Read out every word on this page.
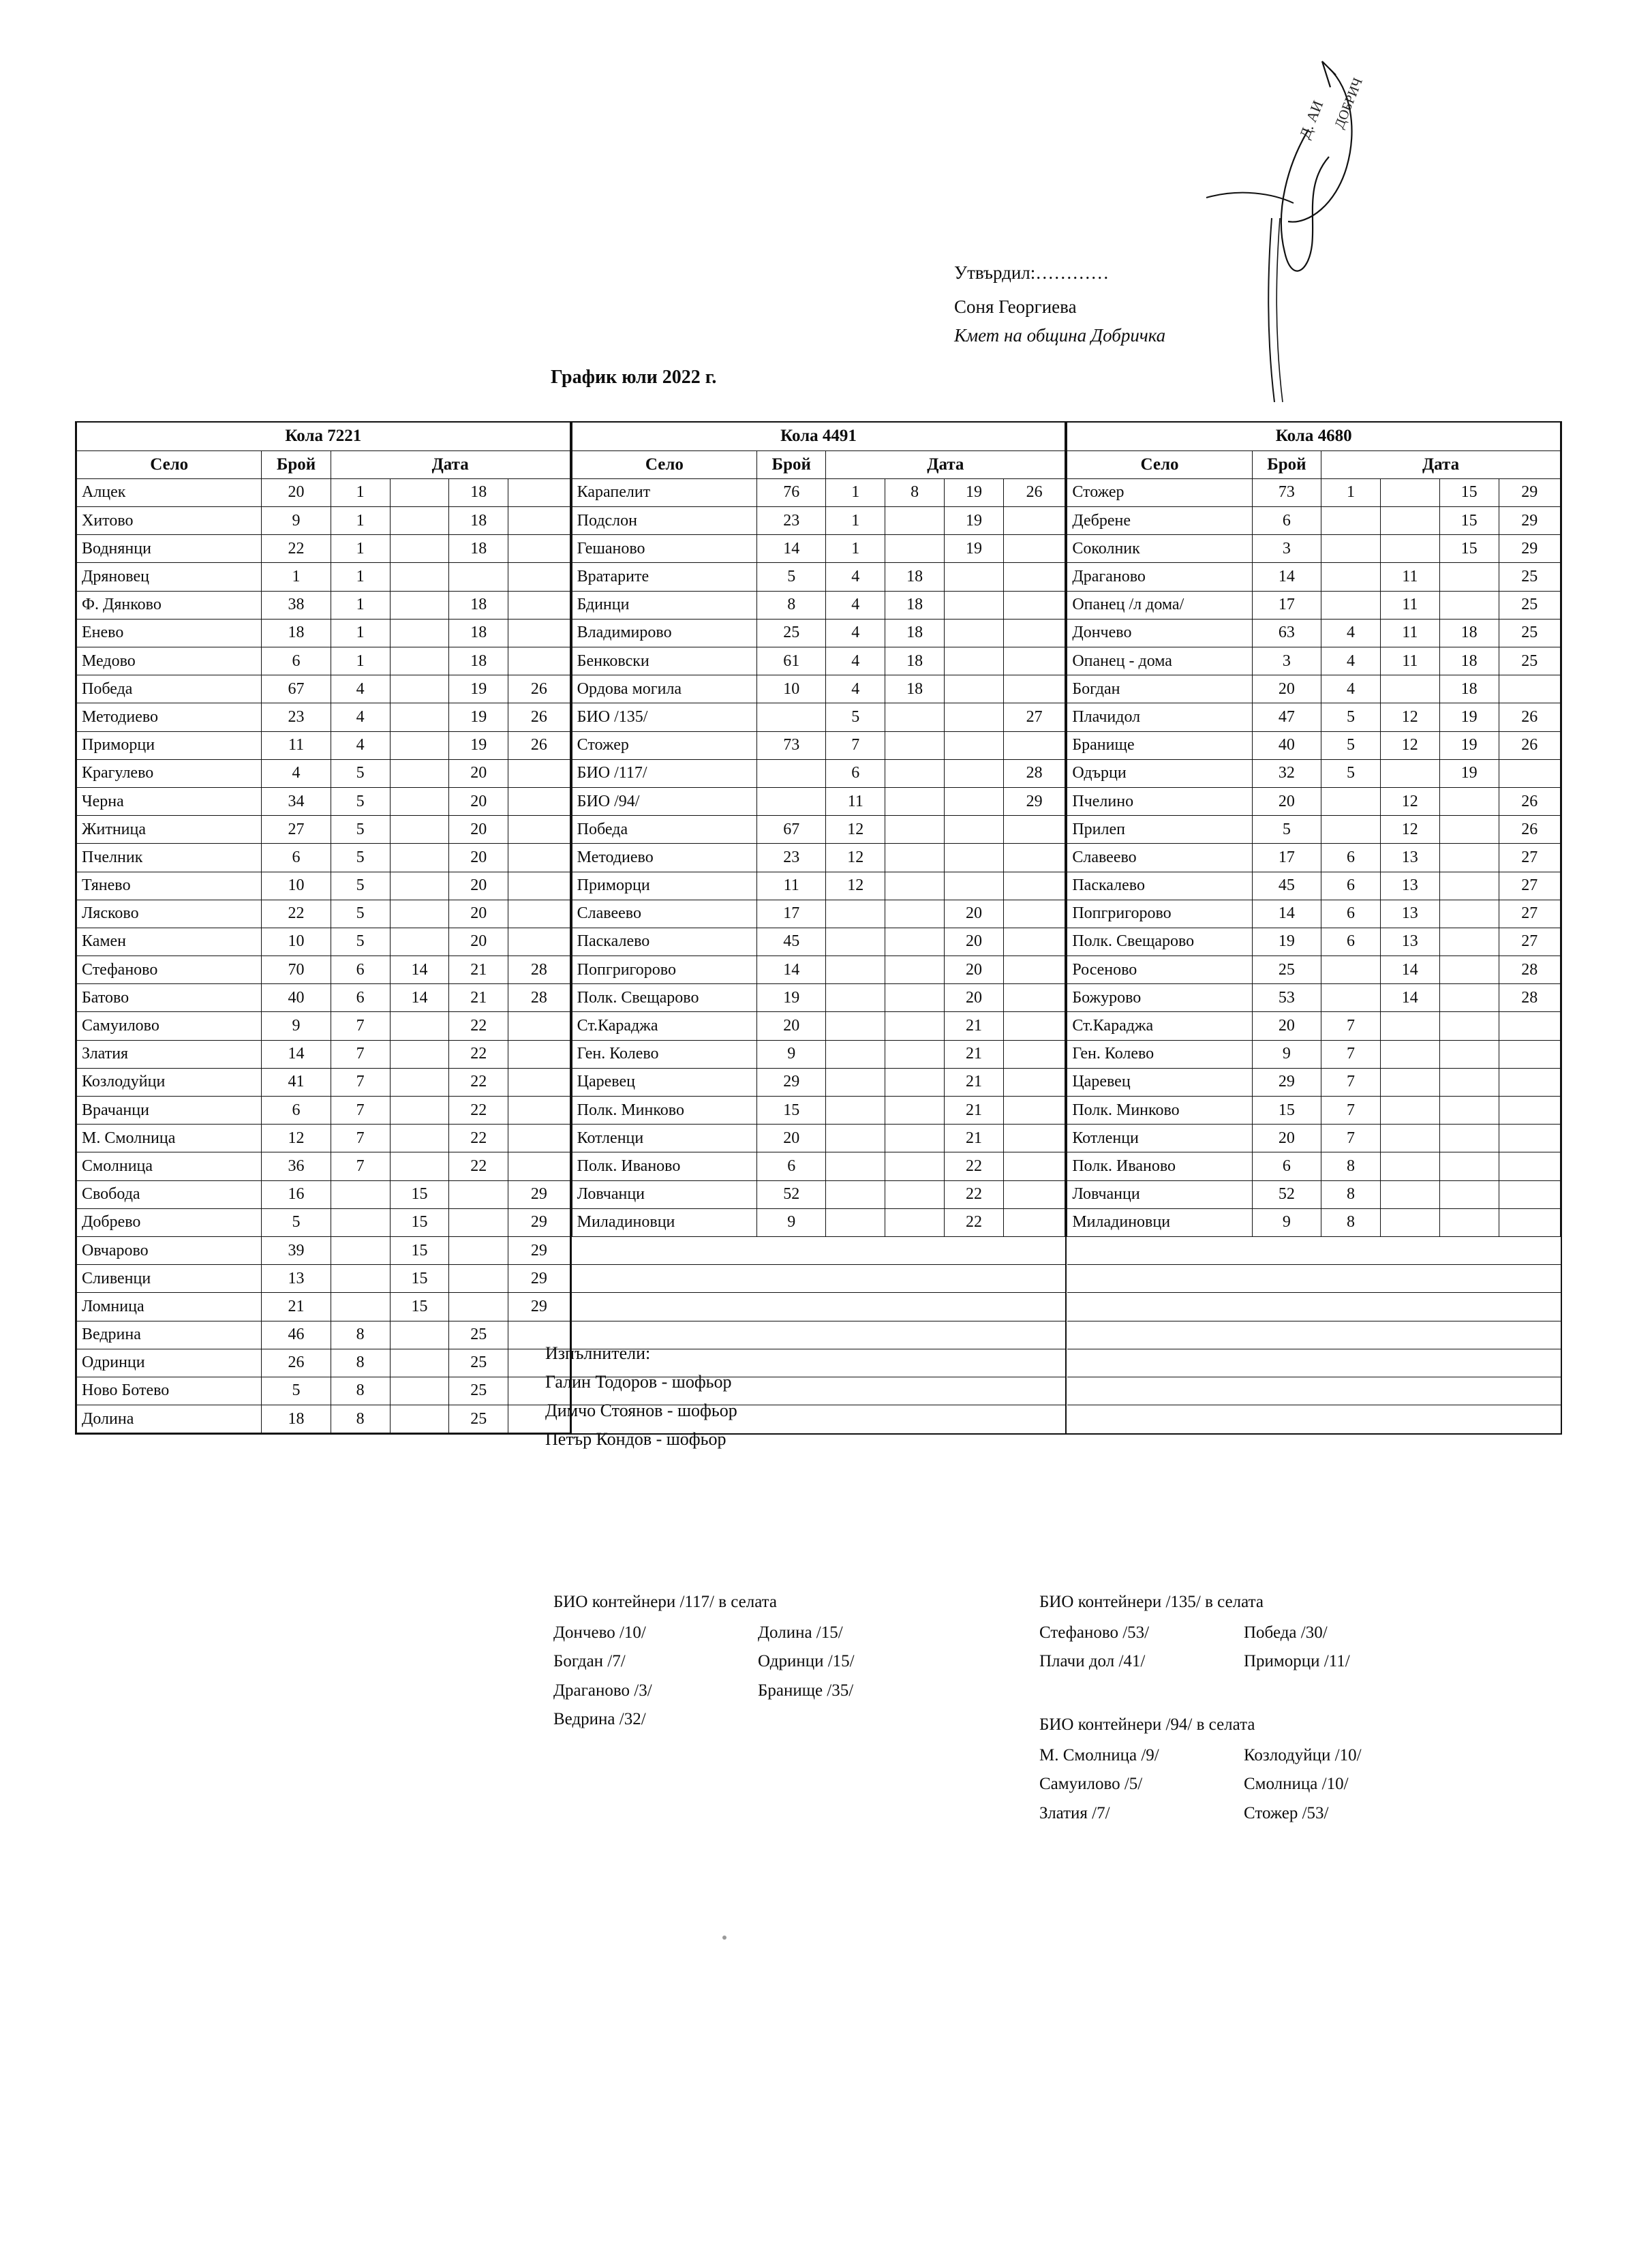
Д. АИ ДОБРИЧ
Утвърдил:…………
Соня Георгиева
Кмет на община Добричка
График юли 2022 г.
Кола 7221					
Село	Брой	Дата			
Алцек	20	1		18	
Хитово	9	1		18	
Воднянци	22	1		18	
Дряновец	1	1			
Ф. Дянково	38	1		18	
Енево	18	1		18	
Медово	6	1		18	
Победа	67	4		19	26
Методиево	23	4		19	26
Приморци	11	4		19	26
Крагулево	4	5		20	
Черна	34	5		20	
Житница	27	5		20	
Пчелник	6	5		20	
Тяневo	10	5		20	
Лясково	22	5		20	
Камен	10	5		20	
Стефаново	70	6	14	21	28
Батово	40	6	14	21	28
Самуилово	9	7		22	
Златия	14	7		22	
Козлодуйци	41	7		22	
Врачанци	6	7		22	
М. Смолница	12	7		22	
Смолница	36	7		22	
Свобода	16		15		29
Добрево	5		15		29
Овчарово	39		15		29
Сливенци	13		15		29
Ломница	21		15		29
Ведрина	46	8		25	
Одринци	26	8		25	
Ново Ботево	5	8		25	
Долина	18	8		25	
Кола 4491					
Село	Брой	Дата			
Карапелит	76	1	8	19	26
Подслон	23	1		19	
Гешаново	14	1		19	
Вратарите	5	4	18		
Бдинци	8	4	18		
Владимирово	25	4	18		
Бенковски	61	4	18		
Ордова могила	10	4	18		
БИО /135/		5			27
Стожер	73	7			
БИО /117/		6			28
БИО /94/		11			29
Победа	67	12			
Методиево	23	12			
Приморци	11	12			
Славеево	17			20	
Паскалево	45			20	
Попгригорово	14			20	
Полк. Свещарово	19			20	
Ст.Караджа	20			21	
Ген. Колево	9			21	
Царевец	29			21	
Полк. Минково	15			21	
Котленци	20			21	
Полк. Иваново	6			22	
Ловчанци	52			22	
Миладиновци	9			22	

Кола 4680					
Село	Брой	Дата			
Стожер	73	1		15	29
Дебрене	6			15	29
Соколник	3			15	29
Драганово	14		11		25
Опанец /л дома/	17		11		25
Дончево	63	4	11	18	25
Опанец - дома	3	4	11	18	25
Богдан	20	4		18	
Плачидол	47	5	12	19	26
Бранище	40	5	12	19	26
Одърци	32	5		19	
Пчелино	20		12		26
Прилеп	5		12		26
Славеево	17	6	13		27
Паскалево	45	6	13		27
Попгригорово	14	6	13		27
Полк. Свещарово	19	6	13		27
Росеново	25		14		28
Божурово	53		14		28
Ст.Караджа	20	7			
Ген. Колево	9	7			
Царевец	29	7			
Полк. Минково	15	7			
Котленци	20	7			
Полк. Иваново	6	8			
Ловчанци	52	8			
Миладиновци	9	8			

Изпълнители:
Галин Тодоров - шофьор
Димчо Стоянов - шофьор
Петър Кондов - шофьор
БИО контейнери /117/ в селата
Дончево /10/
Богдан /7/
Драганово /3/
Ведрина /32/
Долина /15/
Одринци /15/
Бранище /35/
БИО контейнери /135/ в селата
Стефаново /53/
Плачи дол /41/
Победа /30/
Приморци /11/
БИО контейнери /94/ в селата
М. Смолница /9/
Самуилово /5/
Златия /7/
Козлодуйци /10/
Смолница /10/
Стожер /53/
